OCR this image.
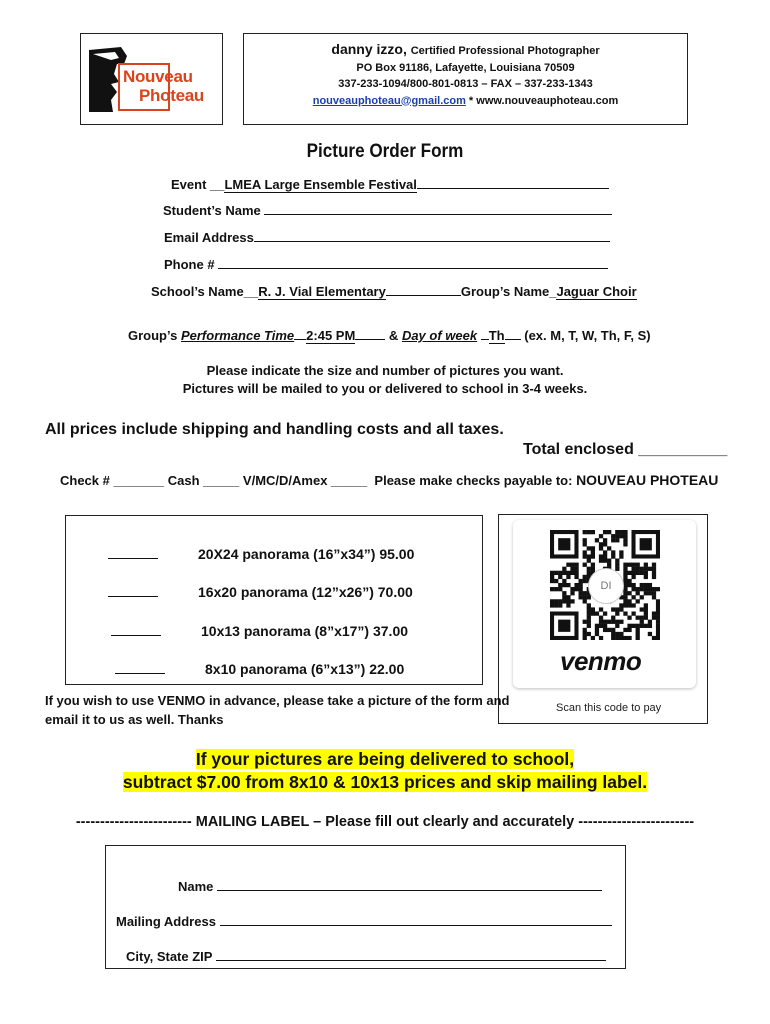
Nouveau
Photeau
danny izzo, Certified Professional Photographer
PO Box 91186, Lafayette, Louisiana 70509
337-233-1094/800-801-0813 – FAX – 337-233-1343
nouveauphoteau@gmail.com * www.nouveauphoteau.com
Picture Order Form
Event __LMEA Large Ensemble Festival
Student’s Name
Email Address
Phone #
School’s Name__R. J. Vial Elementary	Group’s Name_Jaguar Choir
Group’s Performance Time 2:45 PM & Day of week Th (ex. M, T, W, Th, F, S)
Please indicate the size and number of pictures you want.
Pictures will be mailed to you or delivered to school in 3-4 weeks.
All prices include shipping and handling costs and all taxes.
Total enclosed __________
Check # _______ Cash _____ V/MC/D/Amex _____ Please make checks payable to: NOUVEAU PHOTEAU
20X24 panorama (16”x34”) 95.00
16x20 panorama (12”x26”) 70.00
10x13 panorama (8”x17”) 37.00
8x10 panorama (6”x13”) 22.00
DI
venmo
Scan this code to pay
If you wish to use VENMO in advance, please take a picture of the form and
email it to us as well. Thanks
If your pictures are being delivered to school,
subtract $7.00 from 8x10 & 10x13 prices and skip mailing label.
------------------------ MAILING LABEL – Please fill out clearly and accurately ------------------------
Name
Mailing Address
City, State ZIP
